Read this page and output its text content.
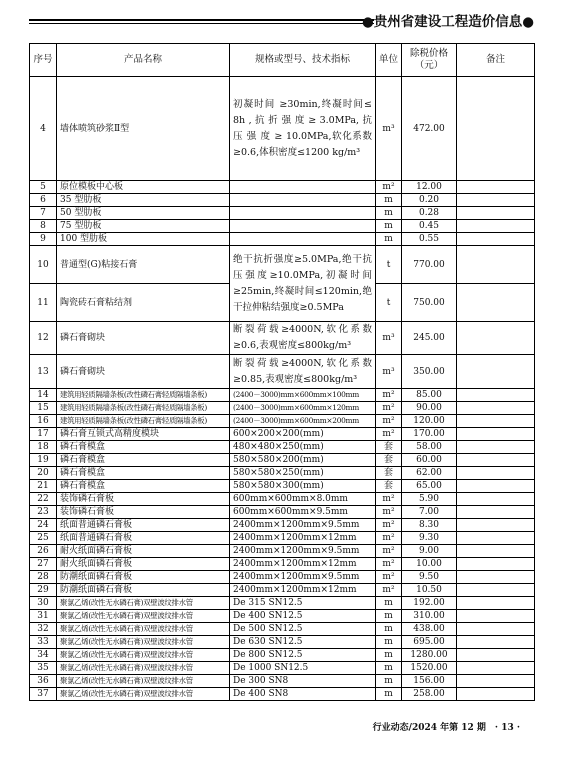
●贵州省建设工程造价信息●
序号	产品名称	规格或型号、技术指标	单位	除税价格（元）	备注
4	墙体喷筑砂浆Ⅱ型	初凝时间 ≥30min,终凝时间≤ 8h , 抗 折 强 度 ≥ 3.0MPa, 抗 压 强 度 ≥ 10.0MPa,软化系数≥0.6,体积密度≤1200 kg/m³	m³	472.00	
5	原位模板中心板		m²	12.00	
6	35 型肋板		m	0.20	
7	50 型肋板		m	0.28	
8	75 型肋板		m	0.45	
9	100 型肋板		m	0.55	
10	普通型(G)粘接石膏	绝干抗折强度≥5.0MPa,绝干抗压强度≥10.0MPa,初凝时间≥25min,终凝时间≤120min,绝干拉伸粘结强度≥0.5MPa	t	770.00	
11	陶瓷砖石膏粘结剂		t	750.00	
12	磷石膏砌块	断裂荷载≥4000N,软化系数≥0.6,表观密度≤800kg/m³	m³	245.00	
13	磷石膏砌块	断裂荷载≥4000N,软化系数≥0.85,表观密度≤800kg/m³	m³	350.00	
14	建筑用轻质隔墙条板(改性磷石膏轻质隔墙条板)	(2400－3000)mm×600mm×100mm	m²	85.00	
15	建筑用轻质隔墙条板(改性磷石膏轻质隔墙条板)	(2400－3000)mm×600mm×120mm	m²	90.00	
16	建筑用轻质隔墙条板(改性磷石膏轻质隔墙条板)	(2400－3000)mm×600mm×200mm	m²	120.00	
17	磷石膏互锁式高精度模块	600×200×200(mm)	m²	170.00	
18	磷石膏模盒	480×480×250(mm)	套	58.00	
19	磷石膏模盒	580×580×200(mm)	套	60.00	
20	磷石膏模盒	580×580×250(mm)	套	62.00	
21	磷石膏模盒	580×580×300(mm)	套	65.00	
22	装饰磷石膏板	600mm×600mm×8.0mm	m²	5.90	
23	装饰磷石膏板	600mm×600mm×9.5mm	m²	7.00	
24	纸面普通磷石膏板	2400mm×1200mm×9.5mm	m²	8.30	
25	纸面普通磷石膏板	2400mm×1200mm×12mm	m²	9.30	
26	耐火纸面磷石膏板	2400mm×1200mm×9.5mm	m²	9.00	
27	耐火纸面磷石膏板	2400mm×1200mm×12mm	m²	10.00	
28	防潮纸面磷石膏板	2400mm×1200mm×9.5mm	m²	9.50	
29	防潮纸面磷石膏板	2400mm×1200mm×12mm	m²	10.50	
30	聚氯乙烯(改性无水磷石膏)双壁波纹排水管	De 315 SN12.5	m	192.00	
31	聚氯乙烯(改性无水磷石膏)双壁波纹排水管	De 400 SN12.5	m	310.00	
32	聚氯乙烯(改性无水磷石膏)双壁波纹排水管	De 500 SN12.5	m	438.00	
33	聚氯乙烯(改性无水磷石膏)双壁波纹排水管	De 630 SN12.5	m	695.00	
34	聚氯乙烯(改性无水磷石膏)双壁波纹排水管	De 800 SN12.5	m	1280.00	
35	聚氯乙烯(改性无水磷石膏)双壁波纹排水管	De 1000 SN12.5	m	1520.00	
36	聚氯乙烯(改性无水磷石膏)双壁波纹排水管	De 300 SN8	m	156.00	
37	聚氯乙烯(改性无水磷石膏)双壁波纹排水管	De 400 SN8	m	258.00	
行业动态/2024 年第 12 期　· 13 ·
